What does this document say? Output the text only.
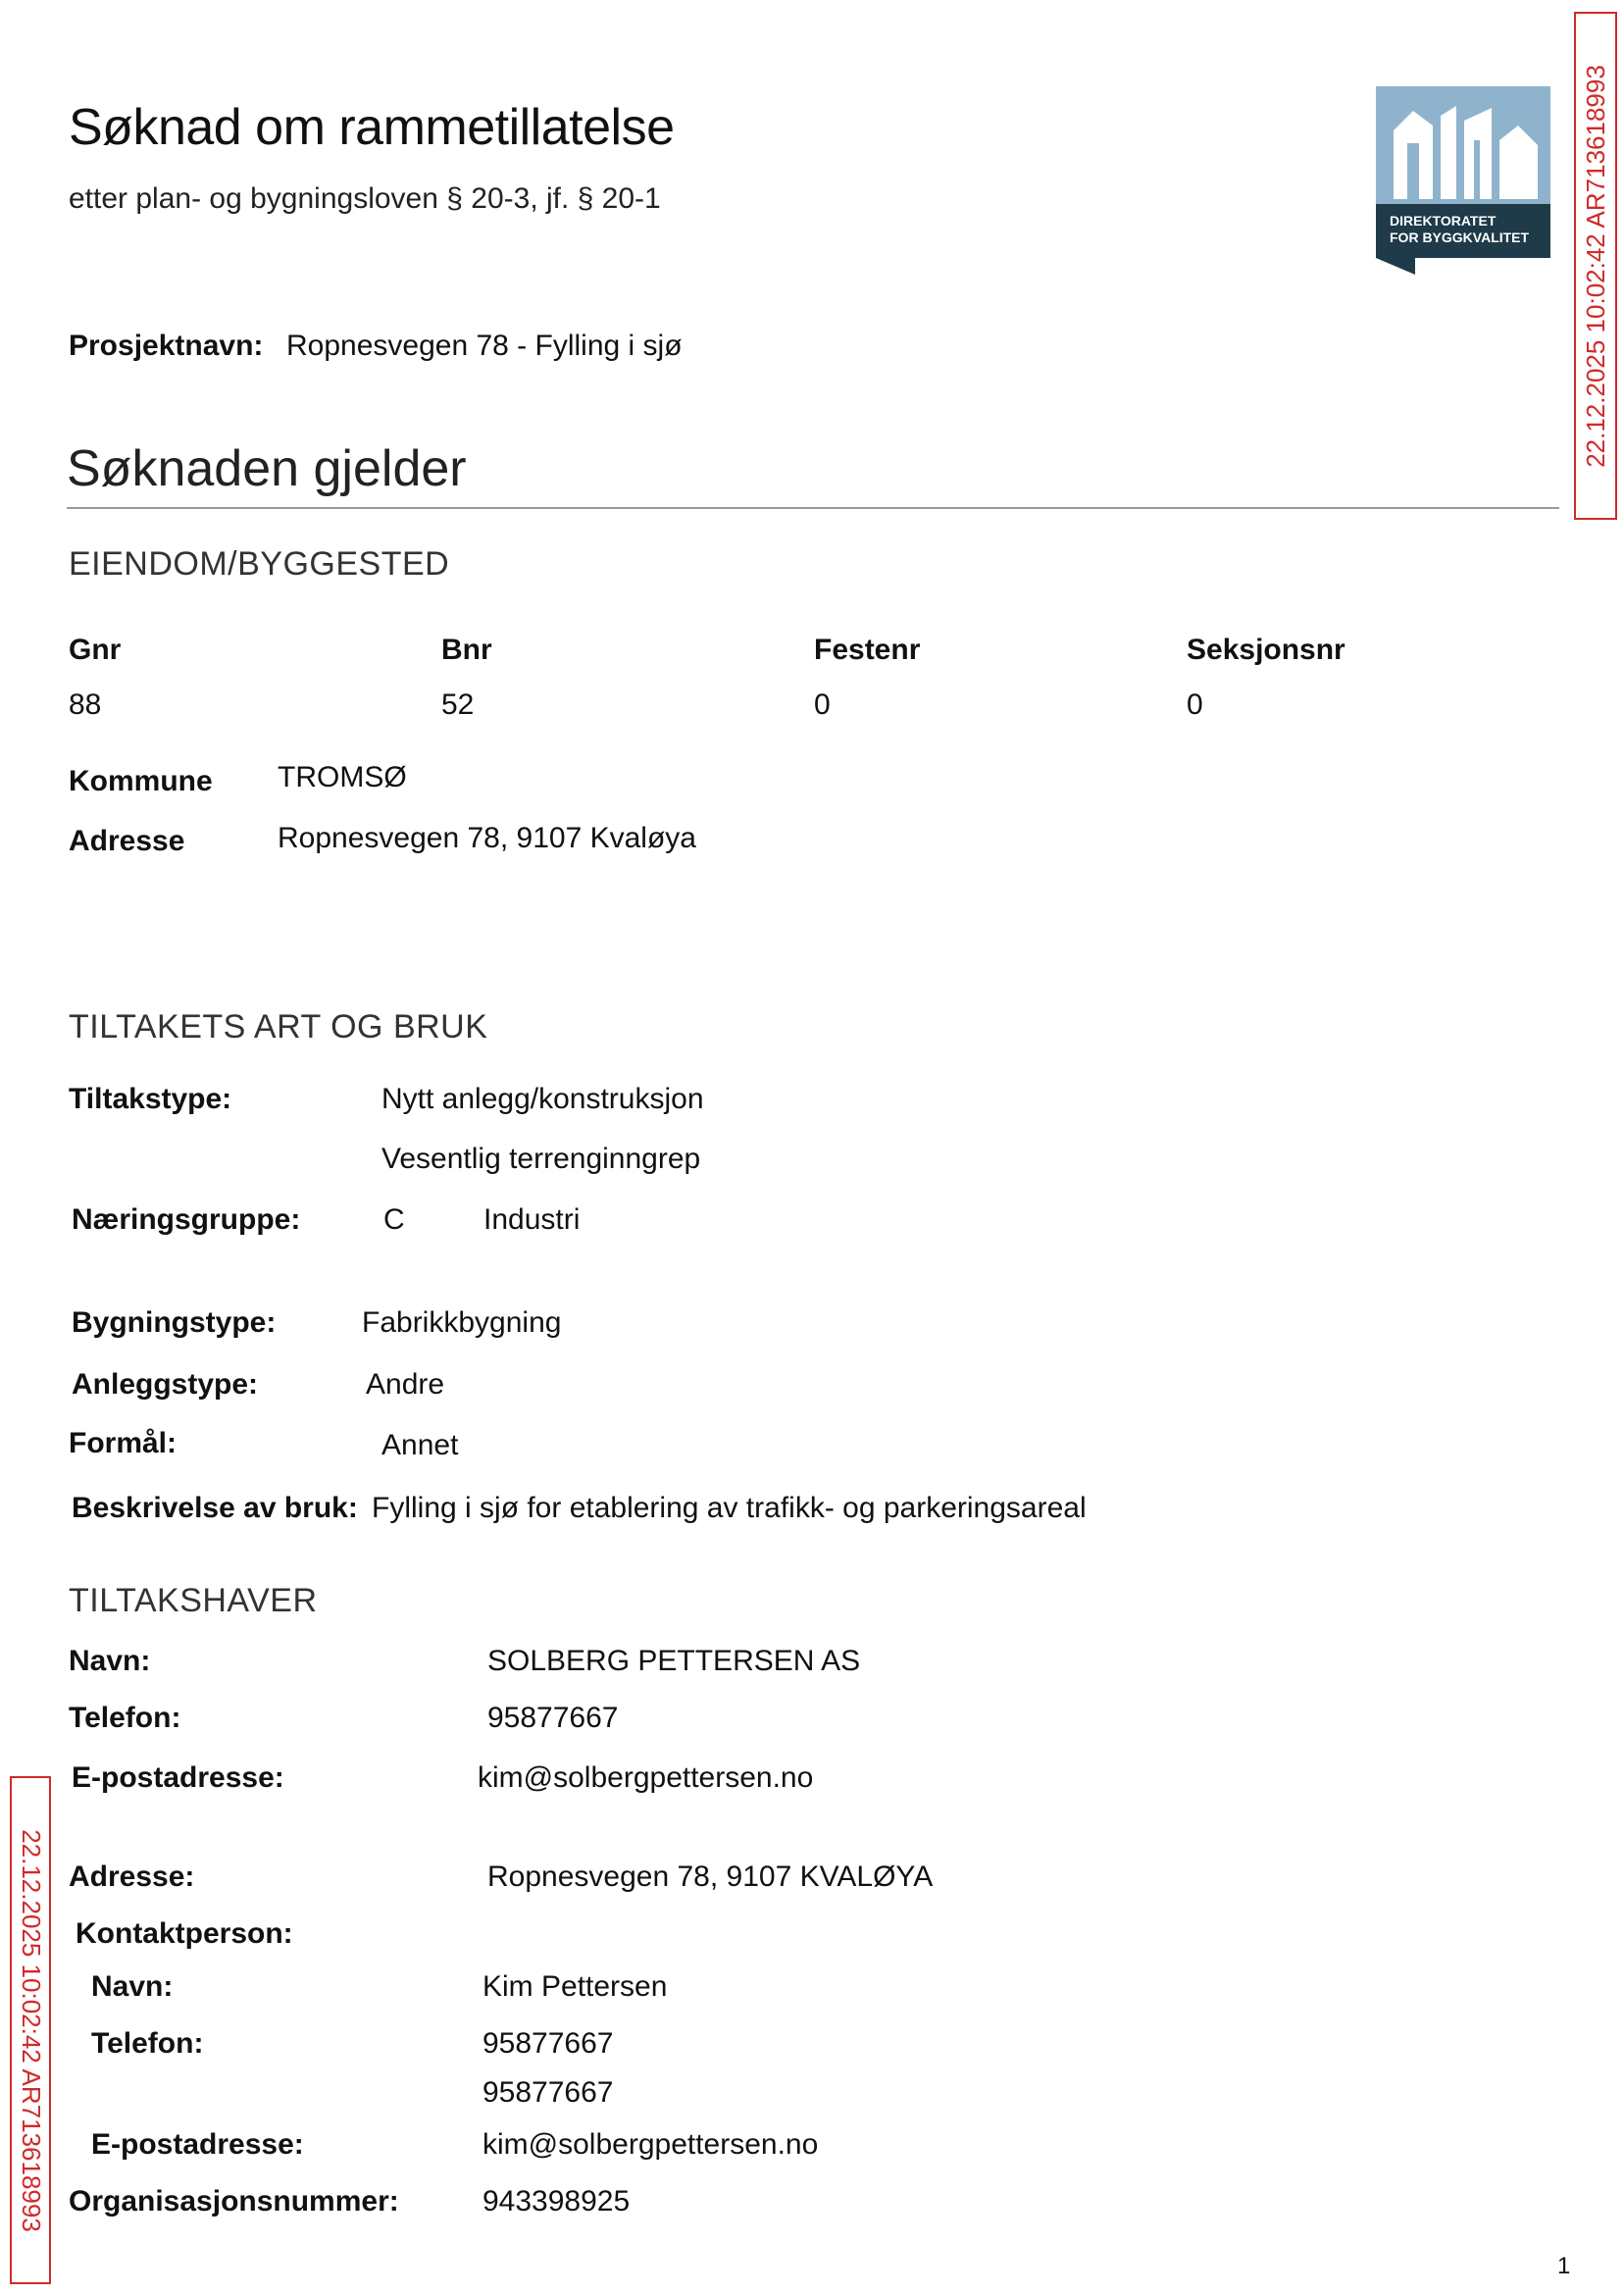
Søknad om rammetillatelse
etter plan- og bygningsloven § 20-3, jf. § 20-1
DIREKTORATET
FOR BYGGKVALITET 22.12.2025 10:02:42 AR713618993
22.12.2025 10:02:42 AR713618993
Prosjektnavn: Ropnesvegen 78 - Fylling i sjø
Søknaden gjelder
EIENDOM/BYGGESTED
Gnr	Bnr	Festenr	Seksjonsnr
88	52	0	0
Kommune TROMSØ
Adresse	Ropnesvegen 78, 9107 Kvaløya
TILTAKETS ART OG BRUK
Tiltakstype:	Nytt anlegg/konstruksjon
Vesentlig terrenginngrep
Næringsgruppe:	C	Industri
Bygningstype:	Fabrikkbygning
Anleggstype:	Andre
Formål:	Annet
Beskrivelse av bruk: Fylling i sjø for etablering av trafikk- og parkeringsareal
TILTAKSHAVER
Navn:	SOLBERG PETTERSEN AS
Telefon:	95877667
E-postadresse:	kim@solbergpettersen.no
Adresse:	Ropnesvegen 78, 9107 KVALØYA
Kontaktperson:
Navn:	Kim Pettersen
Telefon:	95877667
95877667
E-postadresse:	kim@solbergpettersen.no
Organisasjonsnummer:	943398925
1
